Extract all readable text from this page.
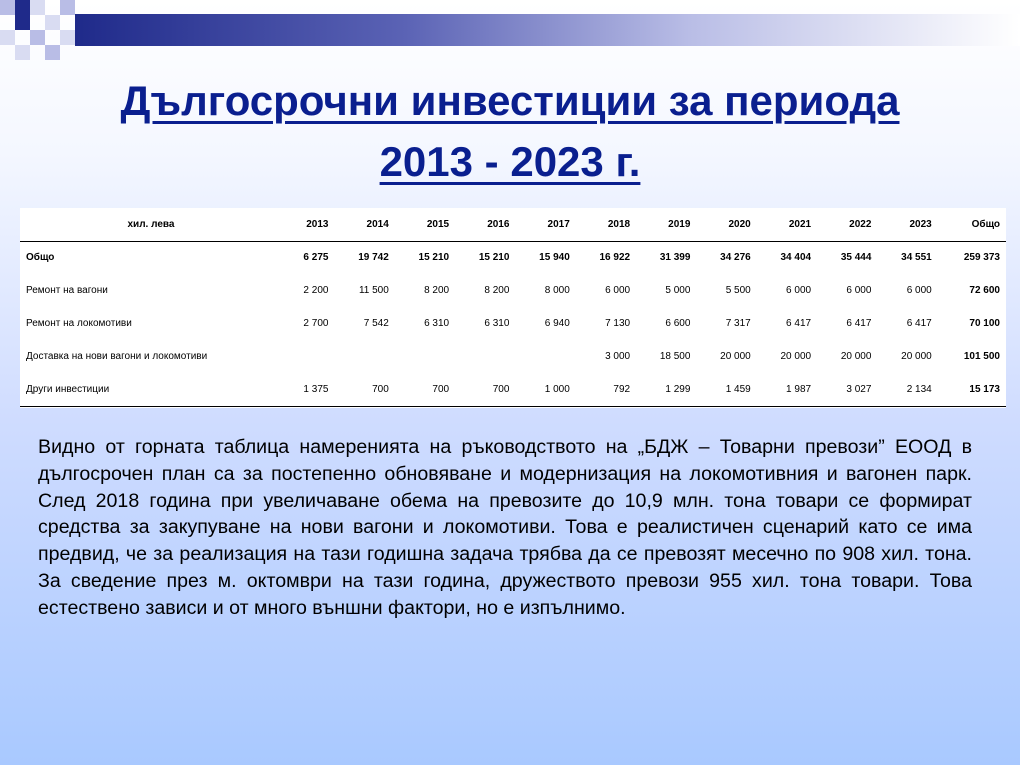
Дългосрочни инвестиции за периода
2013 - 2023 г.
хил. лева	2013	2014	2015	2016	2017	2018	2019	2020	2021	2022	2023	Общо
Общо	6 275	19 742	15 210	15 210	15 940	16 922	31 399	34 276	34 404	35 444	34 551	259 373
Ремонт на вагони	2 200	11 500	8 200	8 200	8 000	6 000	5 000	5 500	6 000	6 000	6 000	72 600
Ремонт на локомотиви	2 700	7 542	6 310	6 310	6 940	7 130	6 600	7 317	6 417	6 417	6 417	70 100
Доставка на нови вагони и локомотиви						3 000	18 500	20 000	20 000	20 000	20 000	101 500
Други инвестиции	1 375	700	700	700	1 000	792	1 299	1 459	1 987	3 027	2 134	15 173
Видно от горната таблица намеренията на ръководството на „БДЖ – Товарни превози” ЕООД в дългосрочен план са за постепенно обновяване и модернизация на локомотивния и вагонен парк. След 2018 година при увеличаване обема на превозите до 10,9 млн. тона товари се формират средства за закупуване на нови вагони и локомотиви. Това е реалистичен сценарий като се има предвид, че за реализация на тази годишна задача трябва да се превозят месечно по 908 хил. тона. За сведение през м. октомври на тази година, дружеството превози 955 хил. тона товари. Това естествено зависи и от много външни фактори, но е изпълнимо.
